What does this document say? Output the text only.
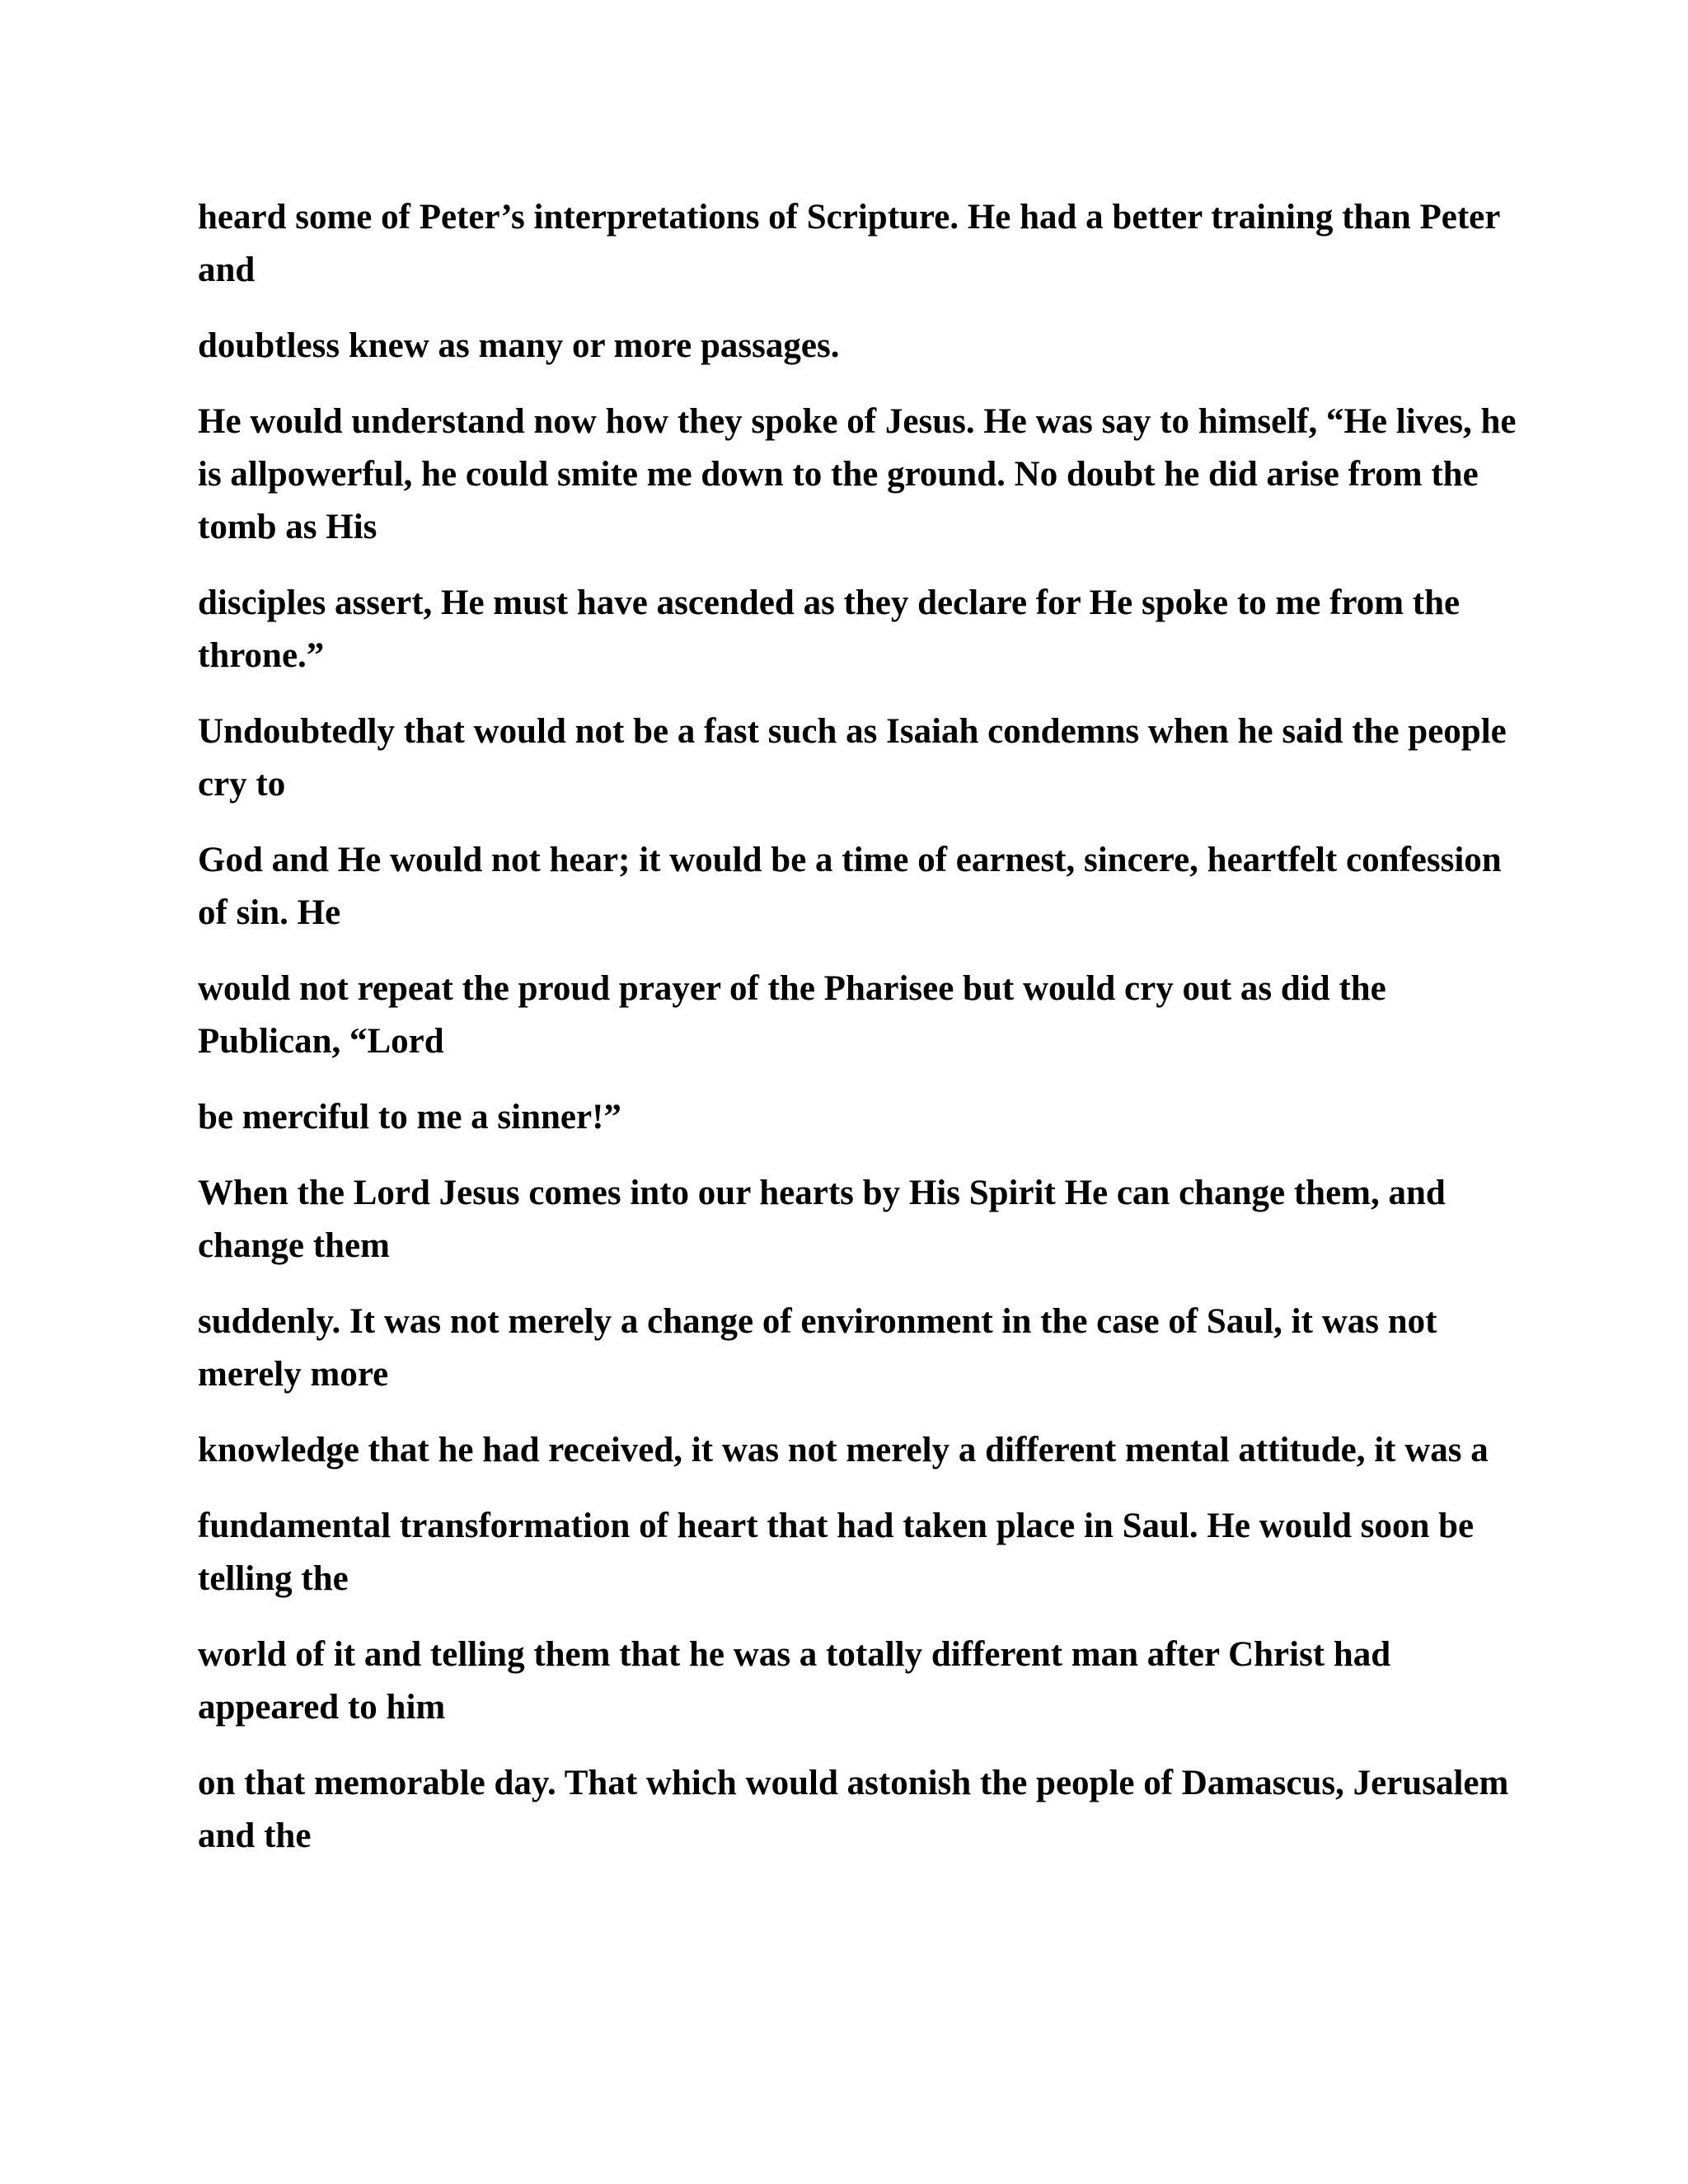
heard some of Peter’s interpretations of Scripture. He had a better training than Peter and

doubtless knew as many or more passages.

He would understand now how they spoke of Jesus. He was say to himself, “He lives, he is allpowerful, he could smite me down to the ground. No doubt he did arise from the tomb as His

disciples assert, He must have ascended as they declare for He spoke to me from the throne.”

Undoubtedly that would not be a fast such as Isaiah condemns when he said the people cry to

God and He would not hear; it would be a time of earnest, sincere, heartfelt confession of sin. He

would not repeat the proud prayer of the Pharisee but would cry out as did the Publican, “Lord

be merciful to me a sinner!”

When the Lord Jesus comes into our hearts by His Spirit He can change them, and change them

suddenly. It was not merely a change of environment in the case of Saul, it was not merely more

knowledge that he had received, it was not merely a different mental attitude, it was a

fundamental transformation of heart that had taken place in Saul. He would soon be telling the

world of it and telling them that he was a totally different man after Christ had appeared to him

on that memorable day. That which would astonish the people of Damascus, Jerusalem and the
